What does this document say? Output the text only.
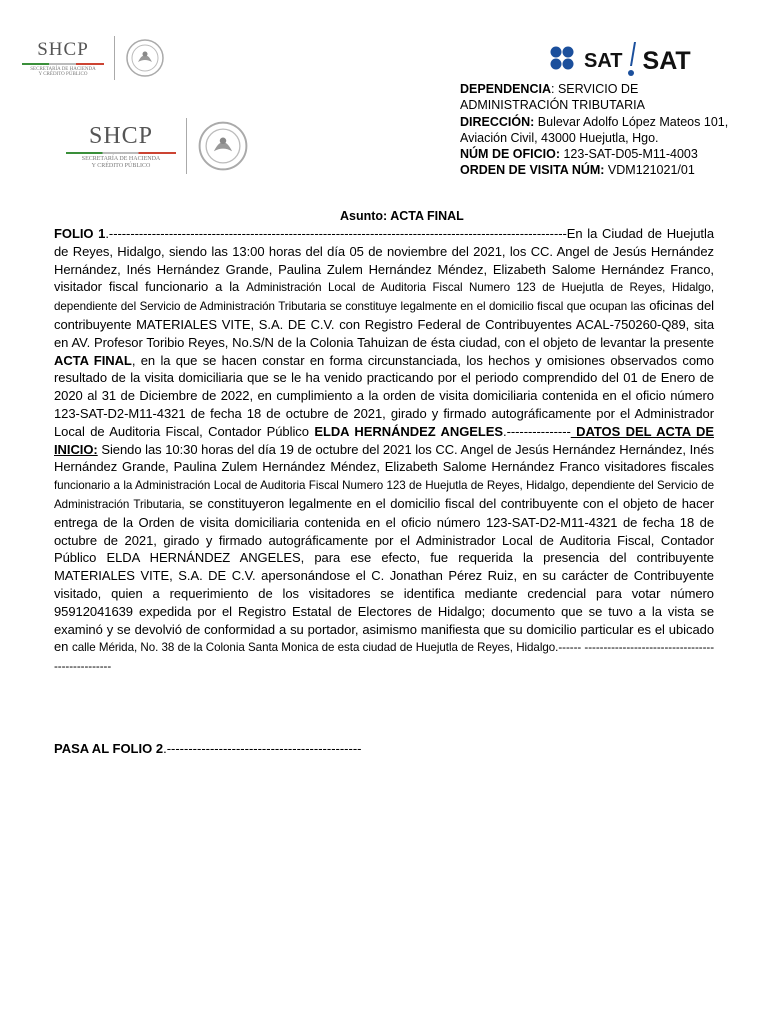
SHCP
SECRETARÍA DE HACIENDA
Y CRÉDITO PÚBLICO
SHCP
SECRETARÍA DE HACIENDA
Y CRÉDITO PÚBLICO
SAT SAT
DEPENDENCIA: SERVICIO DE ADMINISTRACIÓN TRIBUTARIA
DIRECCIÓN: Bulevar Adolfo López Mateos 101, Aviación Civil, 43000 Huejutla, Hgo.
NÚM DE OFICIO: 123-SAT-D05-M11-4003
ORDEN DE VISITA NÚM: VDM121021/01
Asunto: ACTA FINAL
FOLIO 1.-----------------------------------------------------------------------------------------------------------En la Ciudad de Huejutla de Reyes, Hidalgo, siendo las 13:00 horas del día 05 de noviembre del 2021, los CC. Angel de Jesús Hernández Hernández, Inés Hernández Grande, Paulina Zulem Hernández Méndez, Elizabeth Salome Hernández Franco, visitador fiscal funcionario a la Administración Local de Auditoria Fiscal Numero 123 de Huejutla de Reyes, Hidalgo, dependiente del Servicio de Administración Tributaria se constituye legalmente en el domicilio fiscal que ocupan las oficinas del contribuyente MATERIALES VITE, S.A. DE C.V. con Registro Federal de Contribuyentes ACAL-750260-Q89, sita en AV. Profesor Toribio Reyes, No.S/N de la Colonia Tahuizan de ésta ciudad, con el objeto de levantar la presente ACTA FINAL, en la que se hacen constar en forma circunstanciada, los hechos y omisiones observados como resultado de la visita domiciliaria que se le ha venido practicando por el periodo comprendido del 01 de Enero de 2020 al 31 de Diciembre de 2022, en cumplimiento a la orden de visita domiciliaria contenida en el oficio número 123-SAT-D2-M11-4321 de fecha 18 de octubre de 2021, girado y firmado autográficamente por el Administrador Local de Auditoria Fiscal, Contador Público ELDA HERNÁNDEZ ANGELES.--------------- DATOS DEL ACTA DE INICIO: Siendo las 10:30 horas del día 19 de octubre del 2021 los CC. Angel de Jesús Hernández Hernández, Inés Hernández Grande, Paulina Zulem Hernández Méndez, Elizabeth Salome Hernández Franco visitadores fiscales funcionario a la Administración Local de Auditoria Fiscal Numero 123 de Huejutla de Reyes, Hidalgo, dependiente del Servicio de Administración Tributaria, se constituyeron legalmente en el domicilio fiscal del contribuyente con el objeto de hacer entrega de la Orden de visita domiciliaria contenida en el oficio número 123-SAT-D2-M11-4321 de fecha 18 de octubre de 2021, girado y firmado autográficamente por el Administrador Local de Auditoria Fiscal, Contador Público ELDA HERNÁNDEZ ANGELES, para ese efecto, fue requerida la presencia del contribuyente MATERIALES VITE, S.A. DE C.V. apersonándose el C. Jonathan Pérez Ruiz, en su carácter de Contribuyente visitado, quien a requerimiento de los visitadores se identifica mediante credencial para votar número 95912041639 expedida por el Registro Estatal de Electores de Hidalgo; documento que se tuvo a la vista se examinó y se devolvió de conformidad a su portador, asimismo manifiesta que su domicilio particular es el ubicado en calle Mérida, No. 38 de la Colonia Santa Monica de esta ciudad de Huejutla de Reyes, Hidalgo.------ -------------------------------------------------
PASA AL FOLIO 2.---------------------------------------------
